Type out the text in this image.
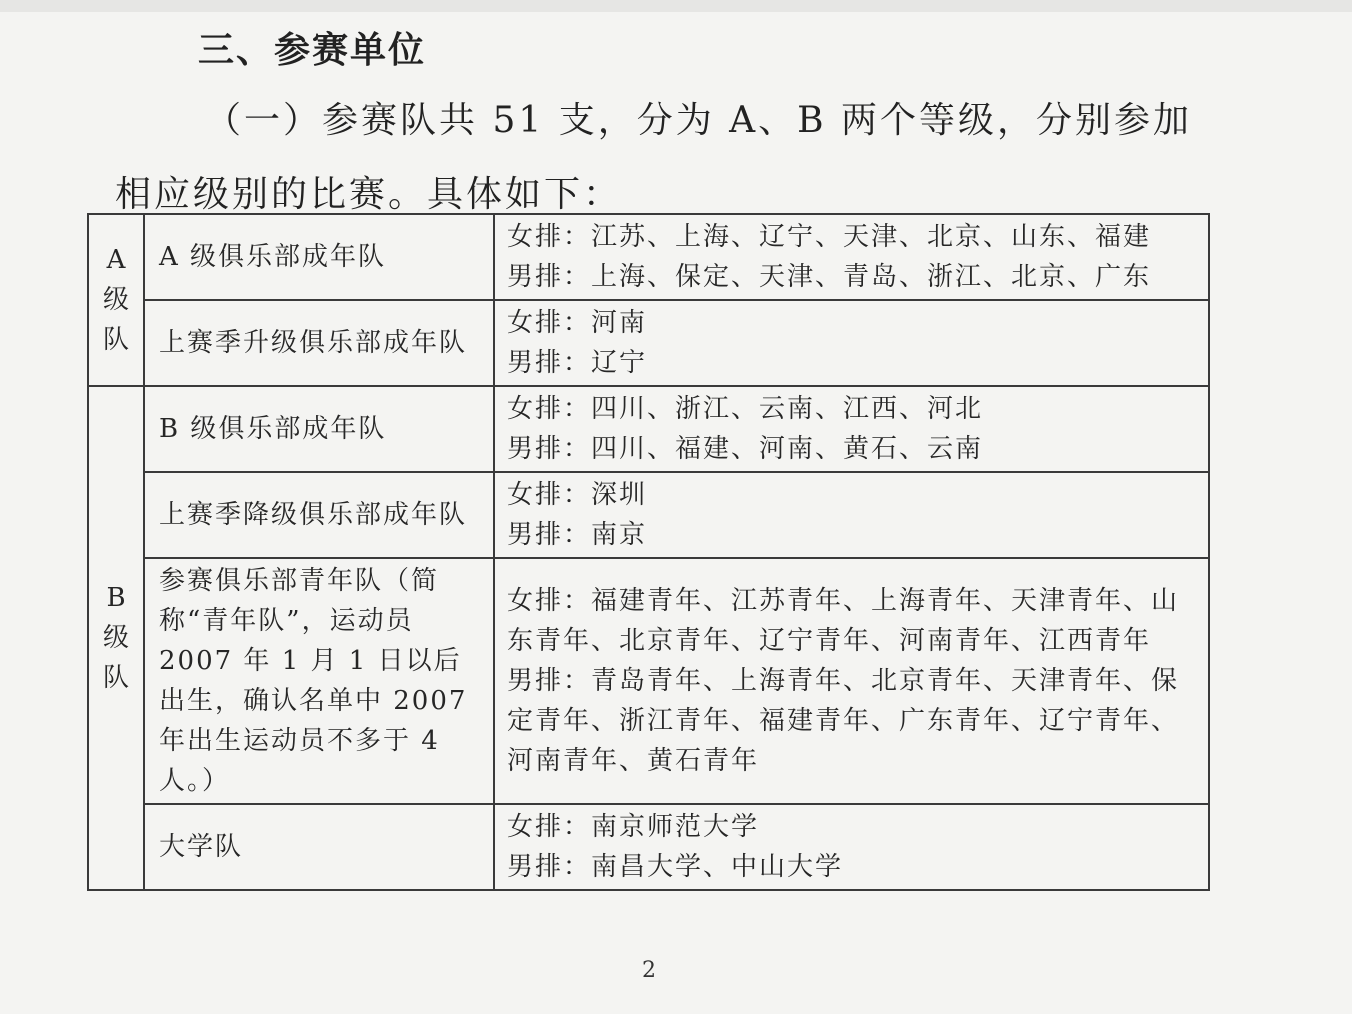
三、参赛单位
（一）参赛队共 51 支，分为 A、B 两个等级，分别参加
相应级别的比赛。具体如下：
A 级队	A 级俱乐部成年队	女排：江苏、上海、辽宁、天津、北京、山东、福建
男排：上海、保定、天津、青岛、浙江、北京、广东

	上赛季升级俱乐部成年队	女排：河南
男排：辽宁

B 级队	B 级俱乐部成年队	女排：四川、浙江、云南、江西、河北
男排：四川、福建、河南、黄石、云南

	上赛季降级俱乐部成年队	女排：深圳
男排：南京

	参赛俱乐部青年队（简称“青年队”，运动员 2007 年 1 月 1 日以后出生，确认名单中 2007 年出生运动员不多于 4 人。）	女排：福建青年、江苏青年、上海青年、天津青年、山东青年、北京青年、辽宁青年、河南青年、江西青年
男排：青岛青年、上海青年、北京青年、天津青年、保定青年、浙江青年、福建青年、广东青年、辽宁青年、河南青年、黄石青年

	大学队	女排：南京师范大学
男排：南昌大学、中山大学
2
